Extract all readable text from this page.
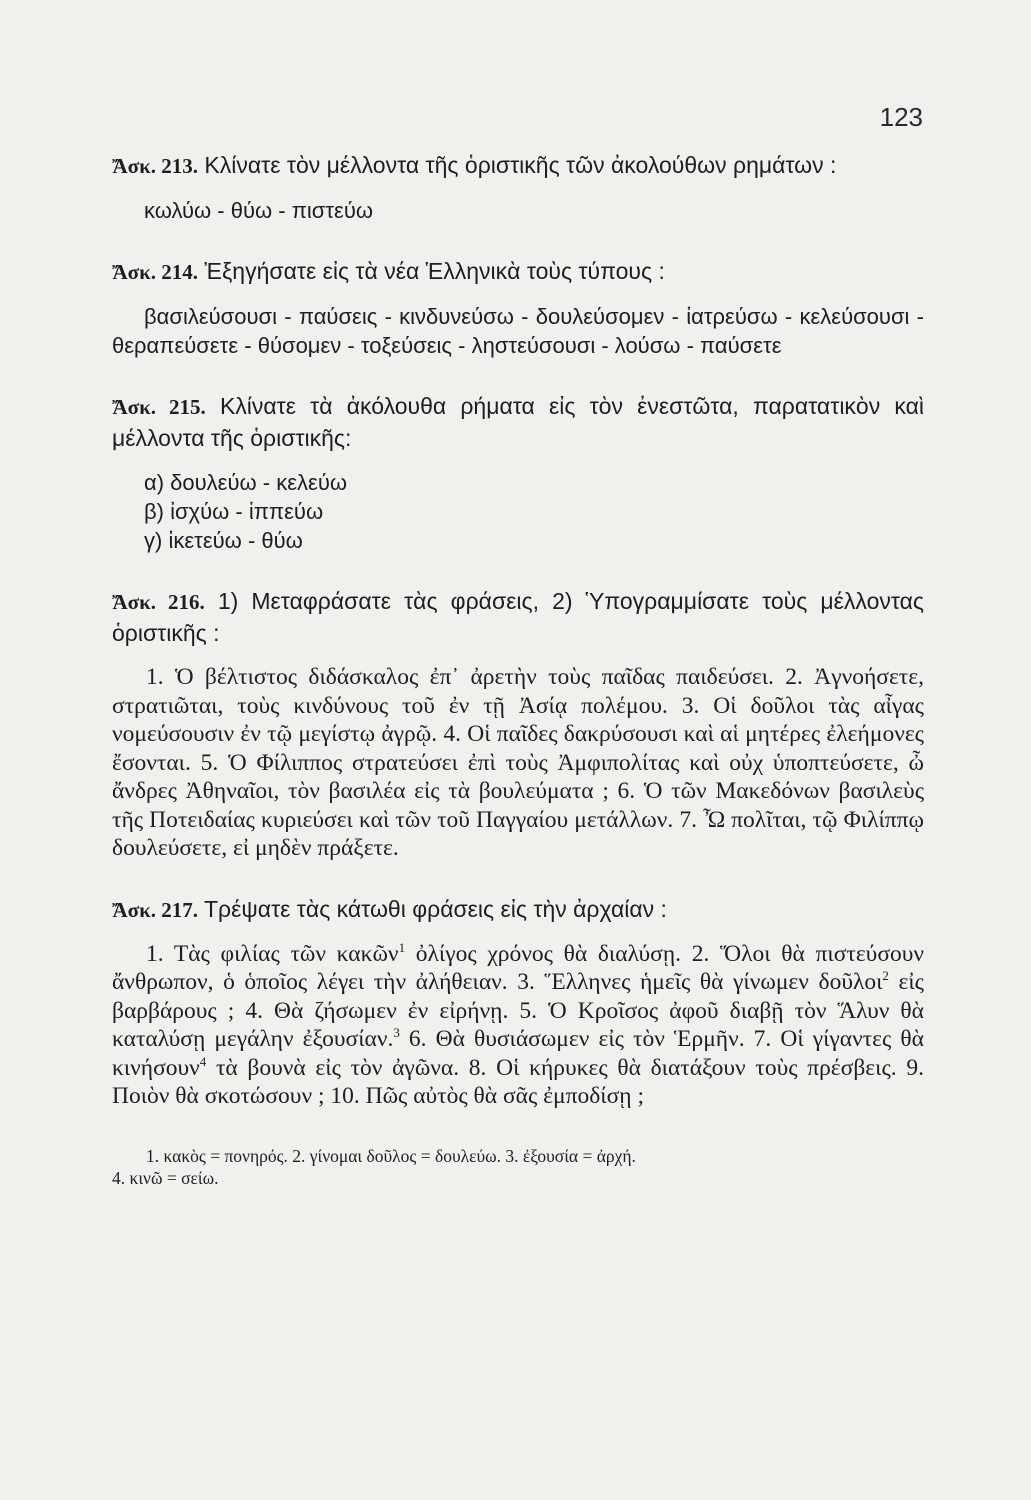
123

Ἄσκ. 213. Κλίνατε τὸν μέλλοντα τῆς ὁριστικῆς τῶν ἀκολούθων ρημάτων :

κωλύω - θύω - πιστεύω

Ἄσκ. 214. Ἐξηγήσατε εἰς τὰ νέα Ἑλληνικὰ τοὺς τύπους :

βασιλεύσουσι - παύσεις - κινδυνεύσω - δουλεύσομεν - ἰατρεύσω - κελεύσουσι - θεραπεύσετε - θύσομεν - τοξεύσεις - ληστεύσουσι - λούσω - παύσετε

Ἄσκ. 215. Κλίνατε τὰ ἀκόλουθα ρήματα εἰς τὸν ἐνεστῶτα, παρατατικὸν καὶ μέλλοντα τῆς ὁριστικῆς:

α) δουλεύω - κελεύω
β) ἰσχύω - ἱππεύω
γ) ἱκετεύω - θύω

Ἄσκ. 216. 1) Μεταφράσατε τὰς φράσεις, 2) Ὑπογραμμίσατε τοὺς μέλλοντας ὁριστικῆς :

1. Ὁ βέλτιστος διδάσκαλος ἐπ᾽ ἀρετὴν τοὺς παῖδας παιδεύσει. 2. Ἀγνοήσετε, στρατιῶται, τοὺς κινδύνους τοῦ ἐν τῇ Ἀσίᾳ πολέμου. 3. Οἱ δοῦλοι τὰς αἶγας νομεύσουσιν ἐν τῷ μεγίστῳ ἀγρῷ. 4. Οἱ παῖδες δακρύσουσι καὶ αἱ μητέρες ἐλεήμονες ἔσονται. 5. Ὁ Φίλιππος στρατεύσει ἐπὶ τοὺς Ἀμφιπολίτας καὶ οὐχ ὑποπτεύσετε, ὦ ἄνδρες Ἀθηναῖοι, τὸν βασιλέα εἰς τὰ βουλεύματα ; 6. Ὁ τῶν Μακεδόνων βασιλεὺς τῆς Ποτειδαίας κυριεύσει καὶ τῶν τοῦ Παγγαίου μετάλλων. 7. Ὦ πολῖται, τῷ Φιλίππῳ δουλεύσετε, εἰ μηδὲν πράξετε.

Ἄσκ. 217. Τρέψατε τὰς κάτωθι φράσεις εἰς τὴν ἀρχαίαν :

1. Τὰς φιλίας τῶν κακῶν$^1$ ὀλίγος χρόνος θὰ διαλύσῃ. 2. Ὅλοι θὰ πιστεύσουν ἄνθρωπον, ὁ ὁποῖος λέγει τὴν ἀλήθειαν. 3. Ἕλληνες ἡμεῖς θὰ γίνωμεν δοῦλοι$^2$ εἰς βαρβάρους ; 4. Θὰ ζήσωμεν ἐν εἰρήνῃ. 5. Ὁ Κροῖσος ἀφοῦ διαβῇ τὸν Ἅλυν θὰ καταλύσῃ μεγάλην ἐξουσίαν.$^3$ 6. Θὰ θυσιάσωμεν εἰς τὸν Ἑρμῆν. 7. Οἱ γίγαντες θὰ κινήσουν$^4$ τὰ βουνὰ εἰς τὸν ἀγῶνα. 8. Οἱ κήρυκες θὰ διατάξουν τοὺς πρέσβεις. 9. Ποιὸν θὰ σκοτώσουν ; 10. Πῶς αὐτὸς θὰ σᾶς ἐμποδίσῃ ;

1. κακὸς = πονηρός. 2. γίνομαι δοῦλος = δουλεύω. 3. ἐξουσία = ἀρχή.

4. κινῶ = σείω.
